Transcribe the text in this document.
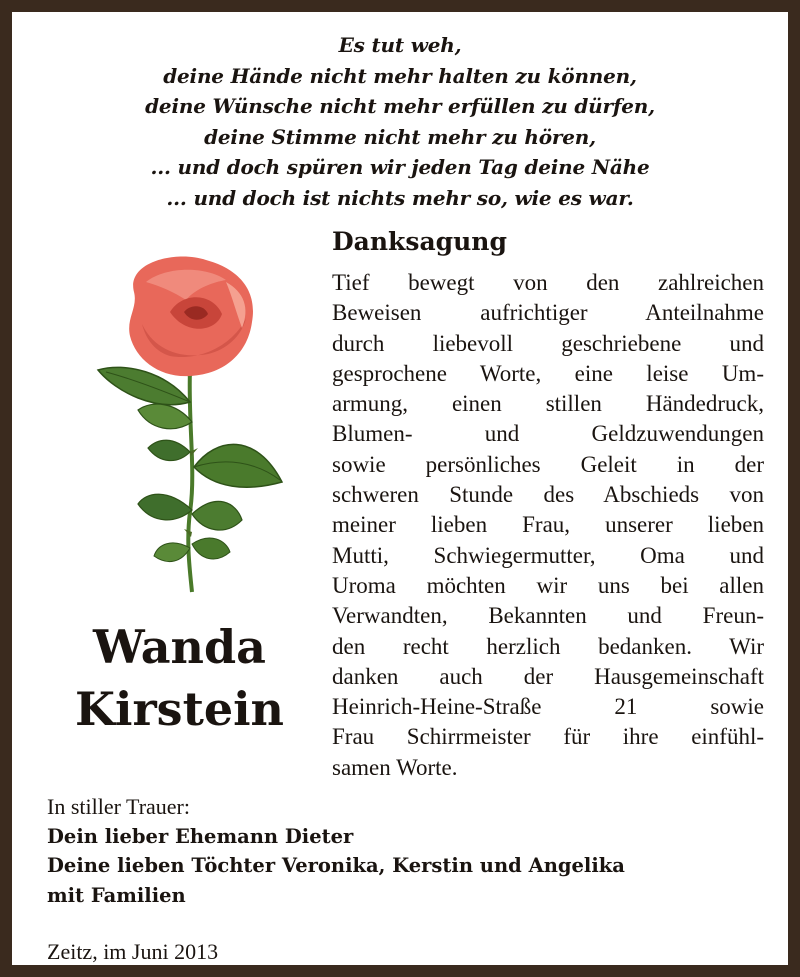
Es tut weh,
deine Hände nicht mehr halten zu können,
deine Wünsche nicht mehr erfüllen zu dürfen,
deine Stimme nicht mehr zu hören,
... und doch spüren wir jeden Tag deine Nähe
... und doch ist nichts mehr so, wie es war.
Wanda
Kirstein
Danksagung
Tief bewegt von den zahlreichen
Beweisen aufrichtiger Anteilnahme
durch liebevoll geschriebene und
gesprochene Worte, eine leise Um-
armung, einen stillen Händedruck,
Blumen- und Geldzuwendungen
sowie persönliches Geleit in der
schweren Stunde des Abschieds von
meiner lieben Frau, unserer lieben
Mutti, Schwiegermutter, Oma und
Uroma möchten wir uns bei allen
Verwandten, Bekannten und Freun-
den recht herzlich bedanken. Wir
danken auch der Hausgemeinschaft
Heinrich-Heine-Straße 21 sowie
Frau Schirrmeister für ihre einfühl-
samen Worte.
In stiller Trauer:
Dein lieber Ehemann Dieter
Deine lieben Töchter Veronika, Kerstin und Angelika
mit Familien
Zeitz, im Juni 2013
